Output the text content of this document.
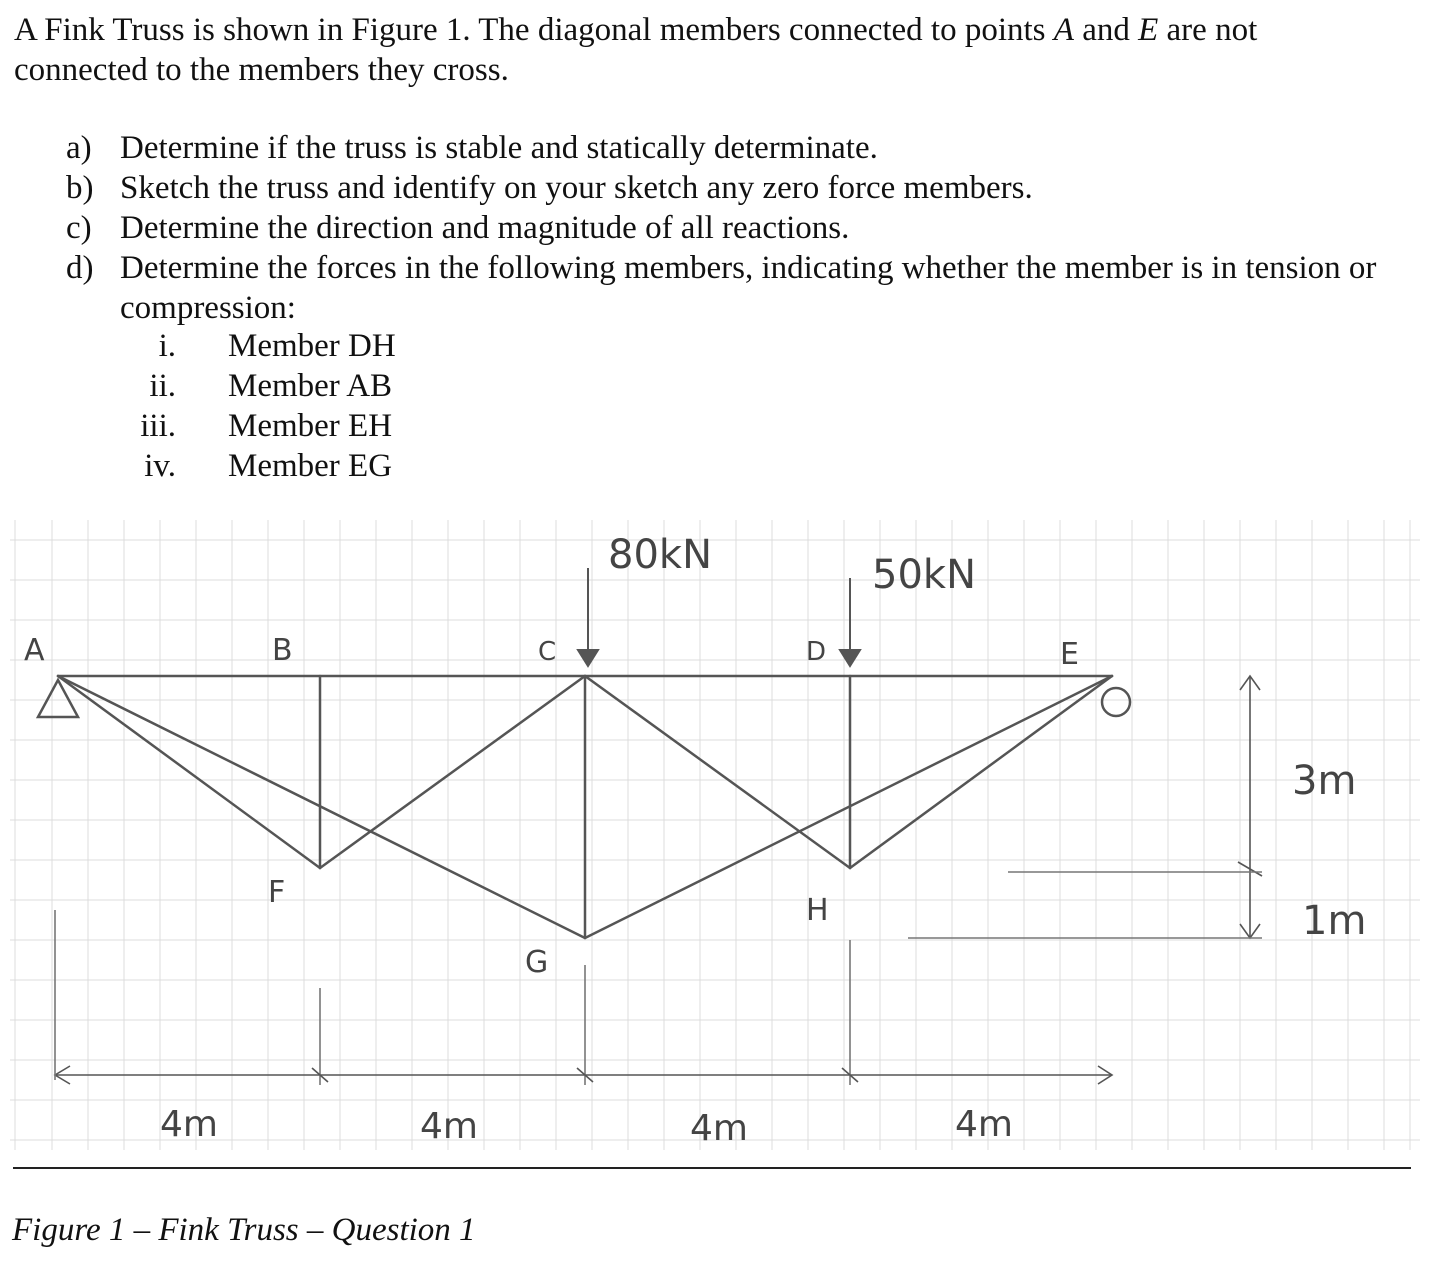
A Fink Truss is shown in Figure 1. The diagonal members connected to points A and E are not
connected to the members they cross.
a) Determine if the truss is stable and statically determinate.
b) Sketch the truss and identify on your sketch any zero force members.
c) Determine the direction and magnitude of all reactions.
d) Determine the forces in the following members, indicating whether the member is in tension or compression:
i. Member DH
ii. Member AB
iii. Member EH
iv. Member EG
A	B	C	D	E
F
G
H
80kN	50kN
3m
1m
4m	4m	4m	4m
Figure 1 – Fink Truss – Question 1
